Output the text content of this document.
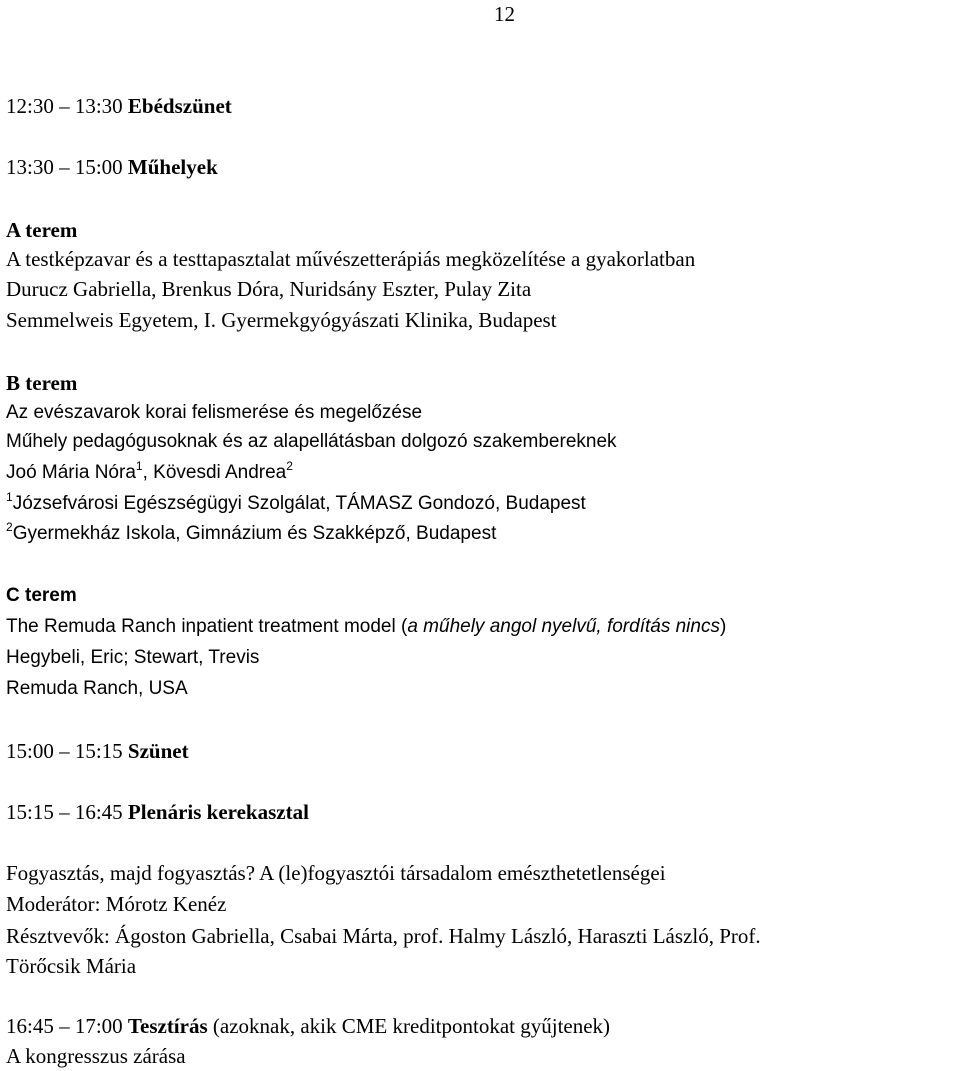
12
12:30 – 13:30 Ebédszünet
13:30 – 15:00 Műhelyek
A terem
A testképzavar és a testtapasztalat művészetterápiás megközelítése a gyakorlatban
Durucz Gabriella, Brenkus Dóra, Nuridsány Eszter, Pulay Zita
Semmelweis Egyetem, I. Gyermekgyógyászati Klinika, Budapest
B terem
Az evészavarok korai felismerése és megelőzése
Műhely pedagógusoknak és az alapellátásban dolgozó szakembereknek
Joó Mária Nóra$^1$, Kövesdi Andrea$^2$
$^1$Józsefvárosi Egészségügyi Szolgálat, TÁMASZ Gondozó, Budapest
$^2$Gyermekház Iskola, Gimnázium és Szakképző, Budapest
C terem
The Remuda Ranch inpatient treatment model (a műhely angol nyelvű, fordítás nincs)
Hegybeli, Eric; Stewart, Trevis
Remuda Ranch, USA
15:00 – 15:15 Szünet
15:15 – 16:45 Plenáris kerekasztal
Fogyasztás, majd fogyasztás? A (le)fogyasztói társadalom emészthetetlenségei
Moderátor: Mórotz Kenéz
Résztvevők: Ágoston Gabriella, Csabai Márta, prof. Halmy László, Haraszti László, Prof.
Törőcsik Mária
16:45 – 17:00 Tesztírás (azoknak, akik CME kreditpontokat gyűjtenek)
A kongresszus zárása
